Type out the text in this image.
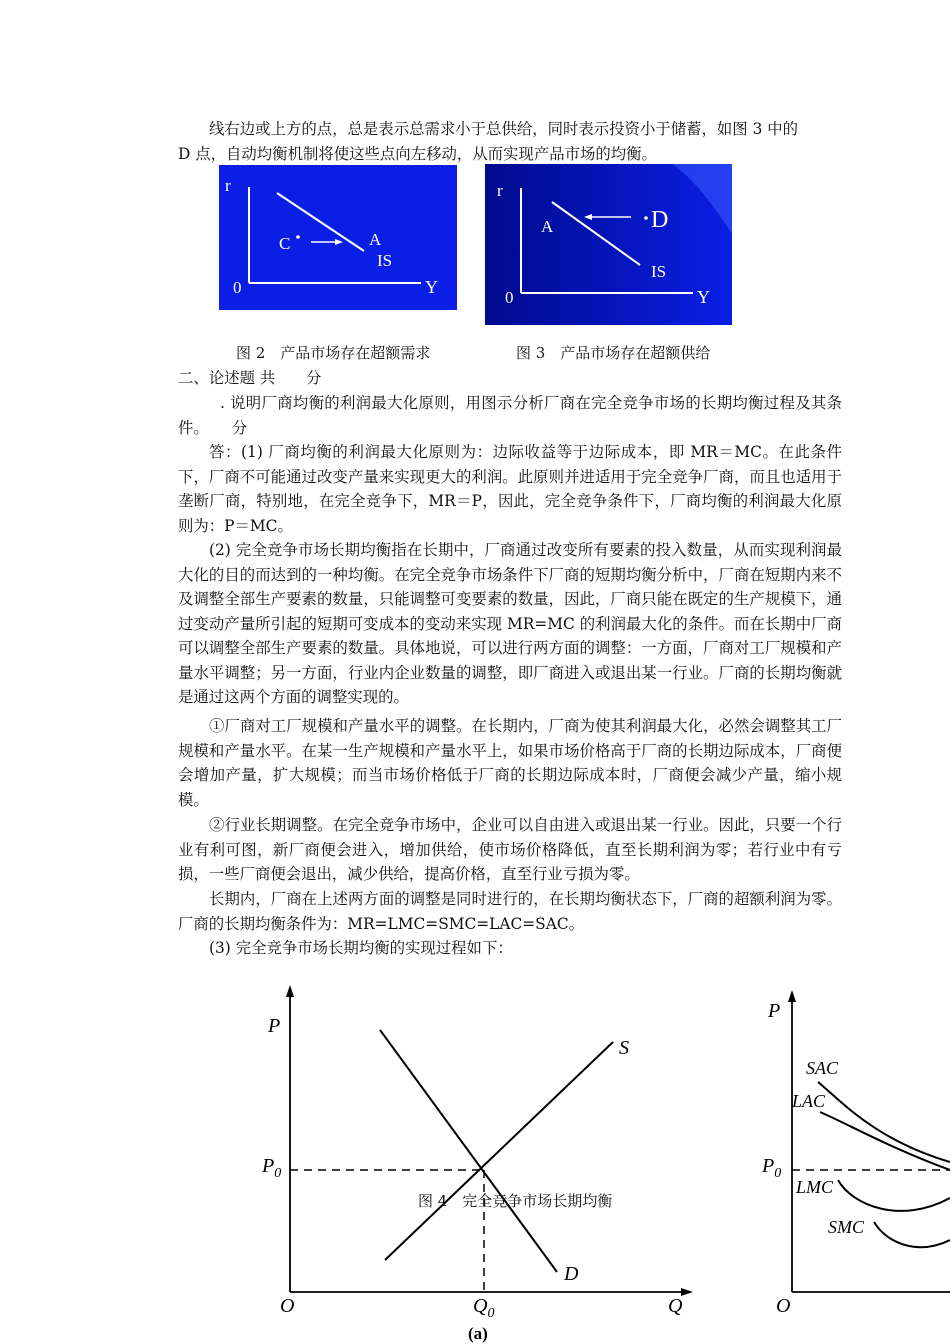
线右边或上方的点，总是表示总需求小于总供给，同时表示投资小于储蓄，如图 3 中的
D 点，自动均衡机制将使这些点向左移动，从而实现产品市场的均衡。
r
0	Y
C	A
IS
r
0	Y
A	D
IS
图 2　产品市场存在超额需求	图 3　产品市场存在超额供给
二、论述题 共　　分
. 说明厂商均衡的利润最大化原则，用图示分析厂商在完全竞争市场的长期均衡过程及其条件。　　分
答：(1) 厂商均衡的利润最大化原则为：边际收益等于边际成本，即 MR＝MC。在此条件下，厂商不可能通过改变产量来实现更大的利润。此原则并进适用于完全竞争厂商，而且也适用于垄断厂商，特别地，在完全竞争下，MR＝P，因此，完全竞争条件下，厂商均衡的利润最大化原则为：P＝MC。
(2) 完全竞争市场长期均衡指在长期中，厂商通过改变所有要素的投入数量，从而实现利润最大化的目的而达到的一种均衡。在完全竞争市场条件下厂商的短期均衡分析中，厂商在短期内来不及调整全部生产要素的数量，只能调整可变要素的数量，因此，厂商只能在既定的生产规模下，通过变动产量所引起的短期可变成本的变动来实现 MR=MC 的利润最大化的条件。而在长期中厂商可以调整全部生产要素的数量。具体地说，可以进行两方面的调整：一方面，厂商对工厂规模和产量水平调整；另一方面，行业内企业数量的调整，即厂商进入或退出某一行业。厂商的长期均衡就是通过这两个方面的调整实现的。
①厂商对工厂规模和产量水平的调整。在长期内，厂商为使其利润最大化，必然会调整其工厂规模和产量水平。在某一生产规模和产量水平上，如果市场价格高于厂商的长期边际成本，厂商便会增加产量，扩大规模；而当市场价格低于厂商的长期边际成本时，厂商便会减少产量，缩小规模。
②行业长期调整。在完全竞争市场中，企业可以自由进入或退出某一行业。因此，只要一个行业有利可图，新厂商便会进入，增加供给，使市场价格降低，直至长期利润为零；若行业中有亏损，一些厂商便会退出，减少供给，提高价格，直至行业亏损为零。
长期内，厂商在上述两方面的调整是同时进行的，在长期均衡状态下，厂商的超额利润为零。厂商的长期均衡条件为：MR=LMC=SMC=LAC=SAC。
(3) 完全竞争市场长期均衡的实现过程如下：
P
$P_0$
S
D
O	$Q_0$	Q
(a)
P
$P_0$
SAC
LAC
LMC
SMC
O
图 4　完全竞争市场长期均衡
